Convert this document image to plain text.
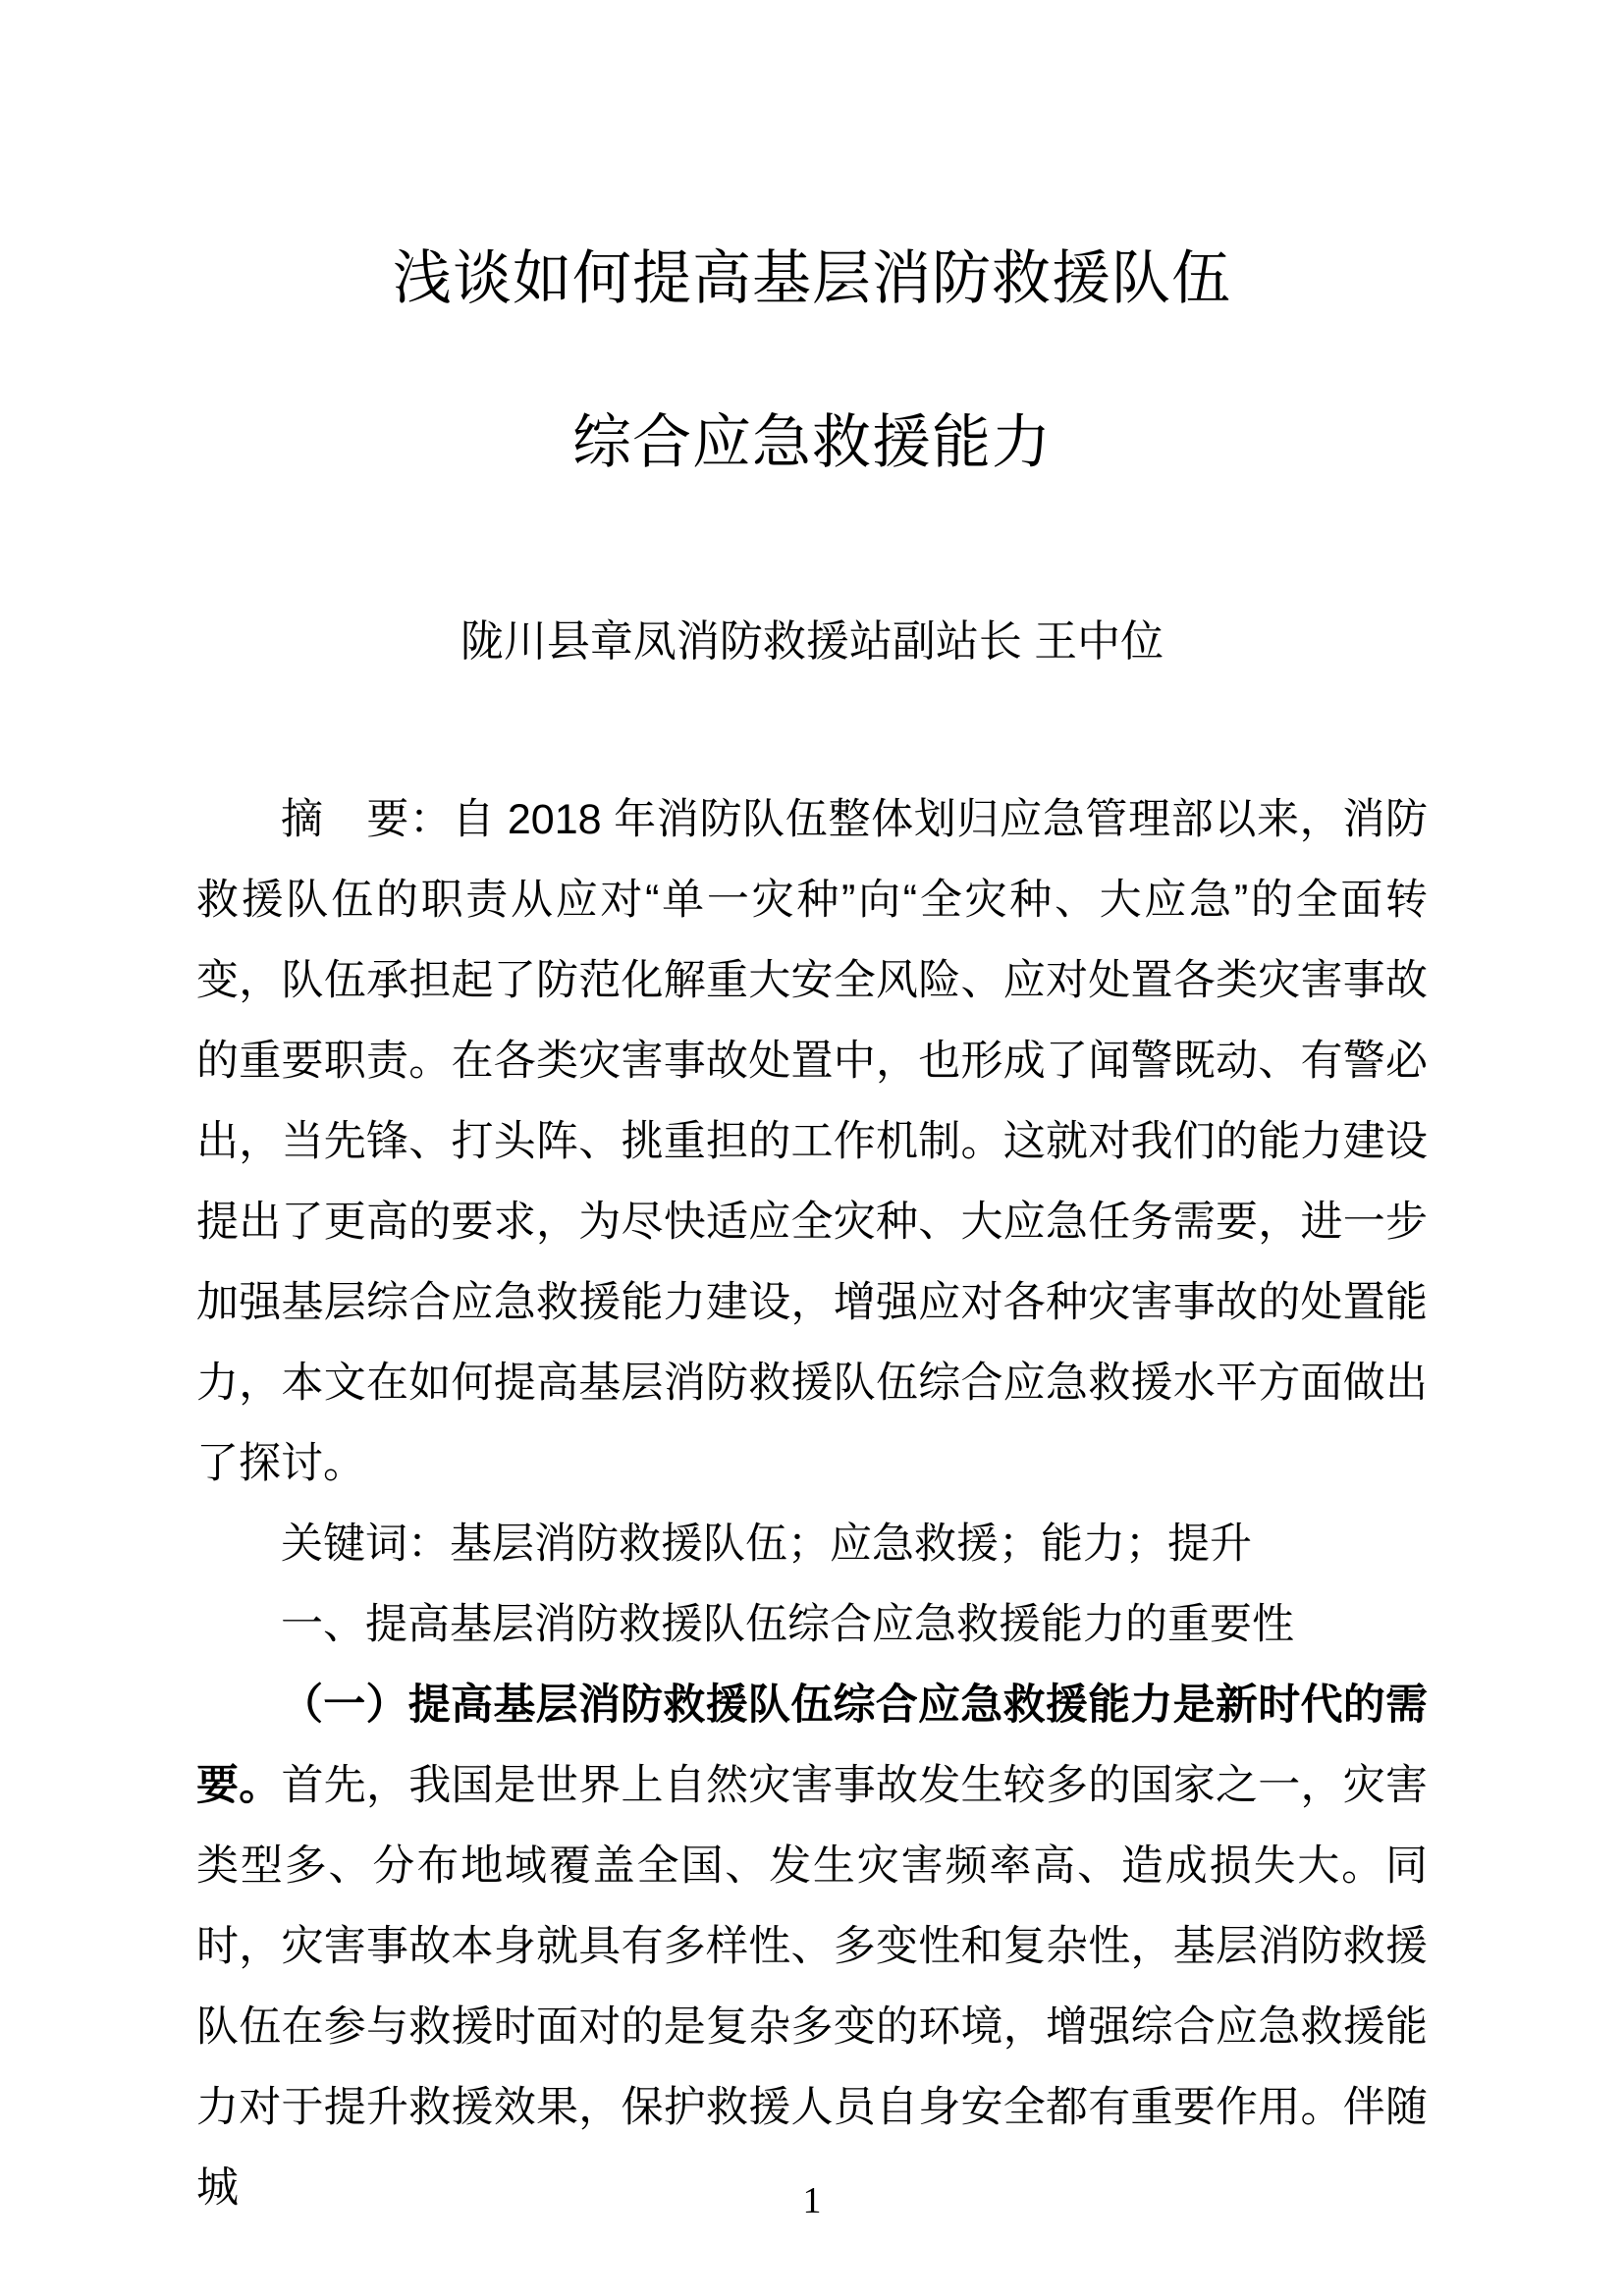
浅谈如何提高基层消防救援队伍
综合应急救援能力
陇川县章凤消防救援站副站长 王中位

摘　要：自 2018 年消防队伍整体划归应急管理部以来，消防救援队伍的职责从应对“单一灾种”向“全灾种、大应急”的全面转变，队伍承担起了防范化解重大安全风险、应对处置各类灾害事故的重要职责。在各类灾害事故处置中，也形成了闻警既动、有警必出，当先锋、打头阵、挑重担的工作机制。这就对我们的能力建设提出了更高的要求，为尽快适应全灾种、大应急任务需要，进一步加强基层综合应急救援能力建设，增强应对各种灾害事故的处置能力，本文在如何提高基层消防救援队伍综合应急救援水平方面做出了探讨。

关键词：基层消防救援队伍；应急救援；能力；提升

一、提高基层消防救援队伍综合应急救援能力的重要性

（一）提高基层消防救援队伍综合应急救援能力是新时代的需要。首先，我国是世界上自然灾害事故发生较多的国家之一，灾害类型多、分布地域覆盖全国、发生灾害频率高、造成损失大。同时，灾害事故本身就具有多样性、多变性和复杂性，基层消防救援队伍在参与救援时面对的是复杂多变的环境，增强综合应急救援能力对于提升救援效果，保护救援人员自身安全都有重要作用。伴随城	1
